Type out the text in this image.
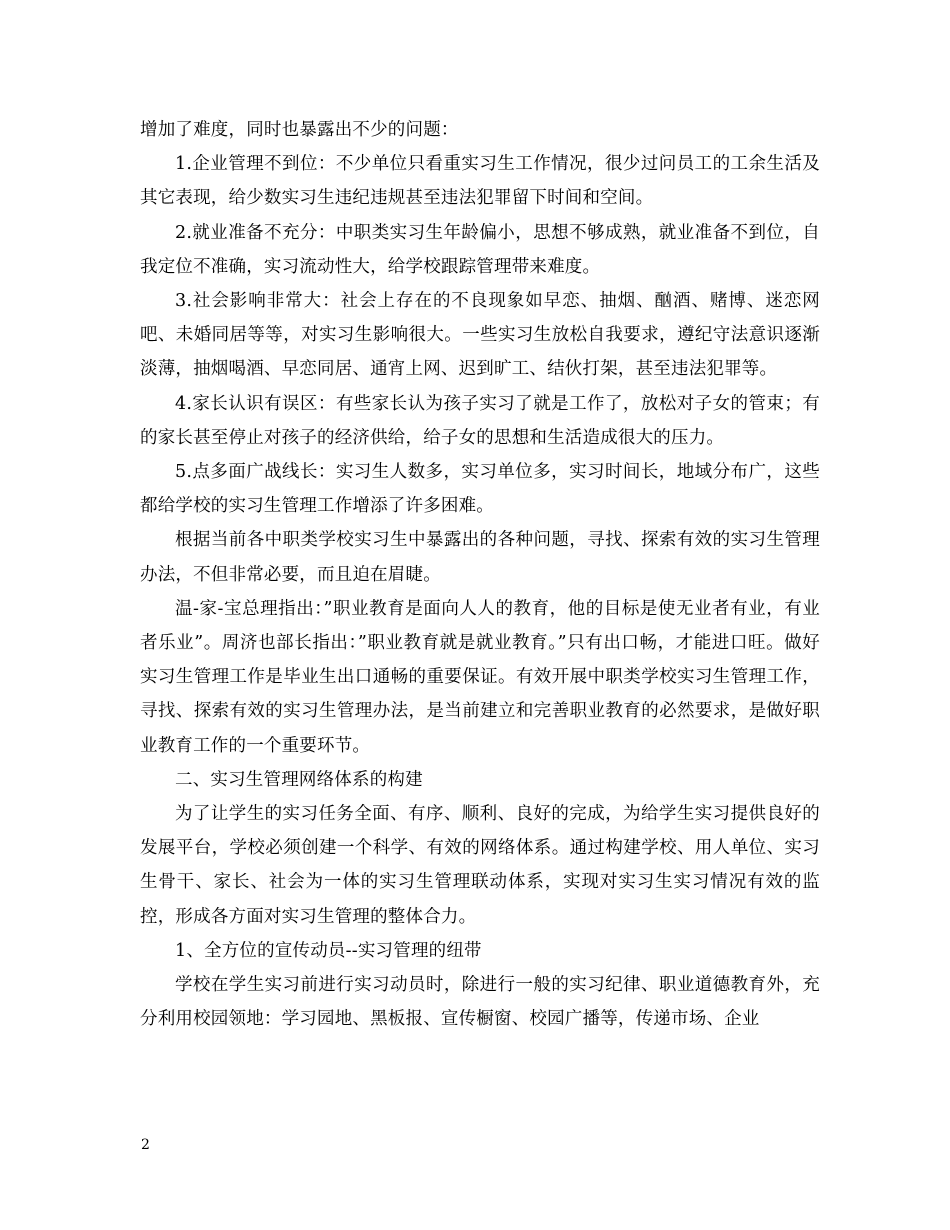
增加了难度，同时也暴露出不少的问题：

1.企业管理不到位：不少单位只看重实习生工作情况，很少过问员工的工余生活及其它表现，给少数实习生违纪违规甚至违法犯罪留下时间和空间。

2.就业准备不充分：中职类实习生年龄偏小，思想不够成熟，就业准备不到位，自我定位不准确，实习流动性大，给学校跟踪管理带来难度。

3.社会影响非常大：社会上存在的不良现象如早恋、抽烟、酗酒、赌博、迷恋网吧、未婚同居等等，对实习生影响很大。一些实习生放松自我要求，遵纪守法意识逐渐淡薄，抽烟喝酒、早恋同居、通宵上网、迟到旷工、结伙打架，甚至违法犯罪等。

4.家长认识有误区：有些家长认为孩子实习了就是工作了，放松对子女的管束；有的家长甚至停止对孩子的经济供给，给子女的思想和生活造成很大的压力。

5.点多面广战线长：实习生人数多，实习单位多，实习时间长，地域分布广，这些都给学校的实习生管理工作增添了许多困难。

根据当前各中职类学校实习生中暴露出的各种问题，寻找、探索有效的实习生管理办法，不但非常必要，而且迫在眉睫。

温-家-宝总理指出：”职业教育是面向人人的教育，他的目标是使无业者有业，有业者乐业”。周济也部长指出：”职业教育就是就业教育。”只有出口畅，才能进口旺。做好实习生管理工作是毕业生出口通畅的重要保证。有效开展中职类学校实习生管理工作，寻找、探索有效的实习生管理办法，是当前建立和完善职业教育的必然要求，是做好职业教育工作的一个重要环节。

二、实习生管理网络体系的构建

为了让学生的实习任务全面、有序、顺利、良好的完成，为给学生实习提供良好的发展平台，学校必须创建一个科学、有效的网络体系。通过构建学校、用人单位、实习生骨干、家长、社会为一体的实习生管理联动体系，实现对实习生实习情况有效的监控，形成各方面对实习生管理的整体合力。

1、全方位的宣传动员--实习管理的纽带

学校在学生实习前进行实习动员时，除进行一般的实习纪律、职业道德教育外，充分利用校园领地：学习园地、黑板报、宣传橱窗、校园广播等，传递市场、企业

2
